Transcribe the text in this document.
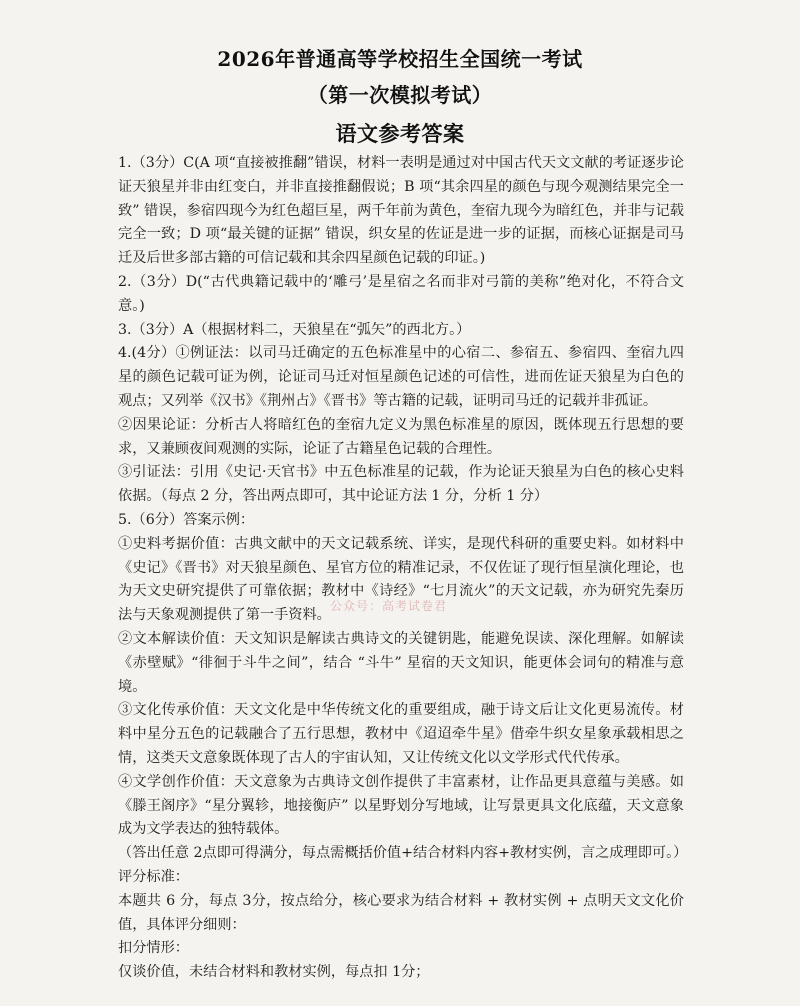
2026年普通高等学校招生全国统一考试
（第一次模拟考试）
语文参考答案

1.（3分）C(A 项“直接被推翻”错误，材料一表明是通过对中国古代天文文献的考证逐步论证天狼星并非由红变白，并非直接推翻假说；B 项“其余四星的颜色与现今观测结果完全一致” 错误，参宿四现今为红色超巨星，两千年前为黄色，奎宿九现今为暗红色，并非与记载完全一致；D 项“最关键的证据” 错误，织女星的佐证是进一步的证据，而核心证据是司马迁及后世多部古籍的可信记载和其余四星颜色记载的印证。)

2.（3分）D(“古代典籍记载中的‘雕弓’是星宿之名而非对弓箭的美称”绝对化，不符合文意。)

3.（3分）A（根据材料二，天狼星在“弧矢”的西北方。）

4.(4分）①例证法：以司马迁确定的五色标准星中的心宿二、参宿五、参宿四、奎宿九四星的颜色记载可证为例，论证司马迁对恒星颜色记述的可信性，进而佐证天狼星为白色的观点；又列举《汉书》《荆州占》《晋书》等古籍的记载，证明司马迁的记载并非孤证。

②因果论证：分析古人将暗红色的奎宿九定义为黑色标准星的原因，既体现五行思想的要求，又兼顾夜间观测的实际，论证了古籍星色记载的合理性。

③引证法：引用《史记·天官书》中五色标准星的记载，作为论证天狼星为白色的核心史料依据。（每点 2 分，答出两点即可，其中论证方法 1 分，分析 1 分）

5.（6分）答案示例：

①史料考据价值：古典文献中的天文记载系统、详实，是现代科研的重要史料。如材料中《史记》《晋书》对天狼星颜色、星官方位的精准记录，不仅佐证了现行恒星演化理论，也为天文史研究提供了可靠依据；教材中《诗经》“七月流火”的天文记载，亦为研究先秦历法与天象观测提供了第一手资料。

②文本解读价值：天文知识是解读古典诗文的关键钥匙，能避免误读、深化理解。如解读《赤壁赋》“徘徊于斗牛之间”，结合 “斗牛” 星宿的天文知识，能更体会词句的精准与意境。

③文化传承价值：天文文化是中华传统文化的重要组成，融于诗文后让文化更易流传。材料中星分五色的记载融合了五行思想，教材中《迢迢牵牛星》借牵牛织女星象承载相思之情，这类天文意象既体现了古人的宇宙认知，又让传统文化以文学形式代代传承。

④文学创作价值：天文意象为古典诗文创作提供了丰富素材，让作品更具意蕴与美感。如《滕王阁序》“星分翼轸，地接衡庐” 以星野划分写地域，让写景更具文化底蕴，天文意象成为文学表达的独特载体。

（答出任意 2点即可得满分，每点需概括价值+结合材料内容+教材实例，言之成理即可。）

评分标准：

本题共 6 分，每点 3分，按点给分，核心要求为结合材料 + 教材实例 + 点明天文文化价值，具体评分细则：

扣分情形：

仅谈价值，未结合材料和教材实例，每点扣 1分；

公众号：高考试卷君
